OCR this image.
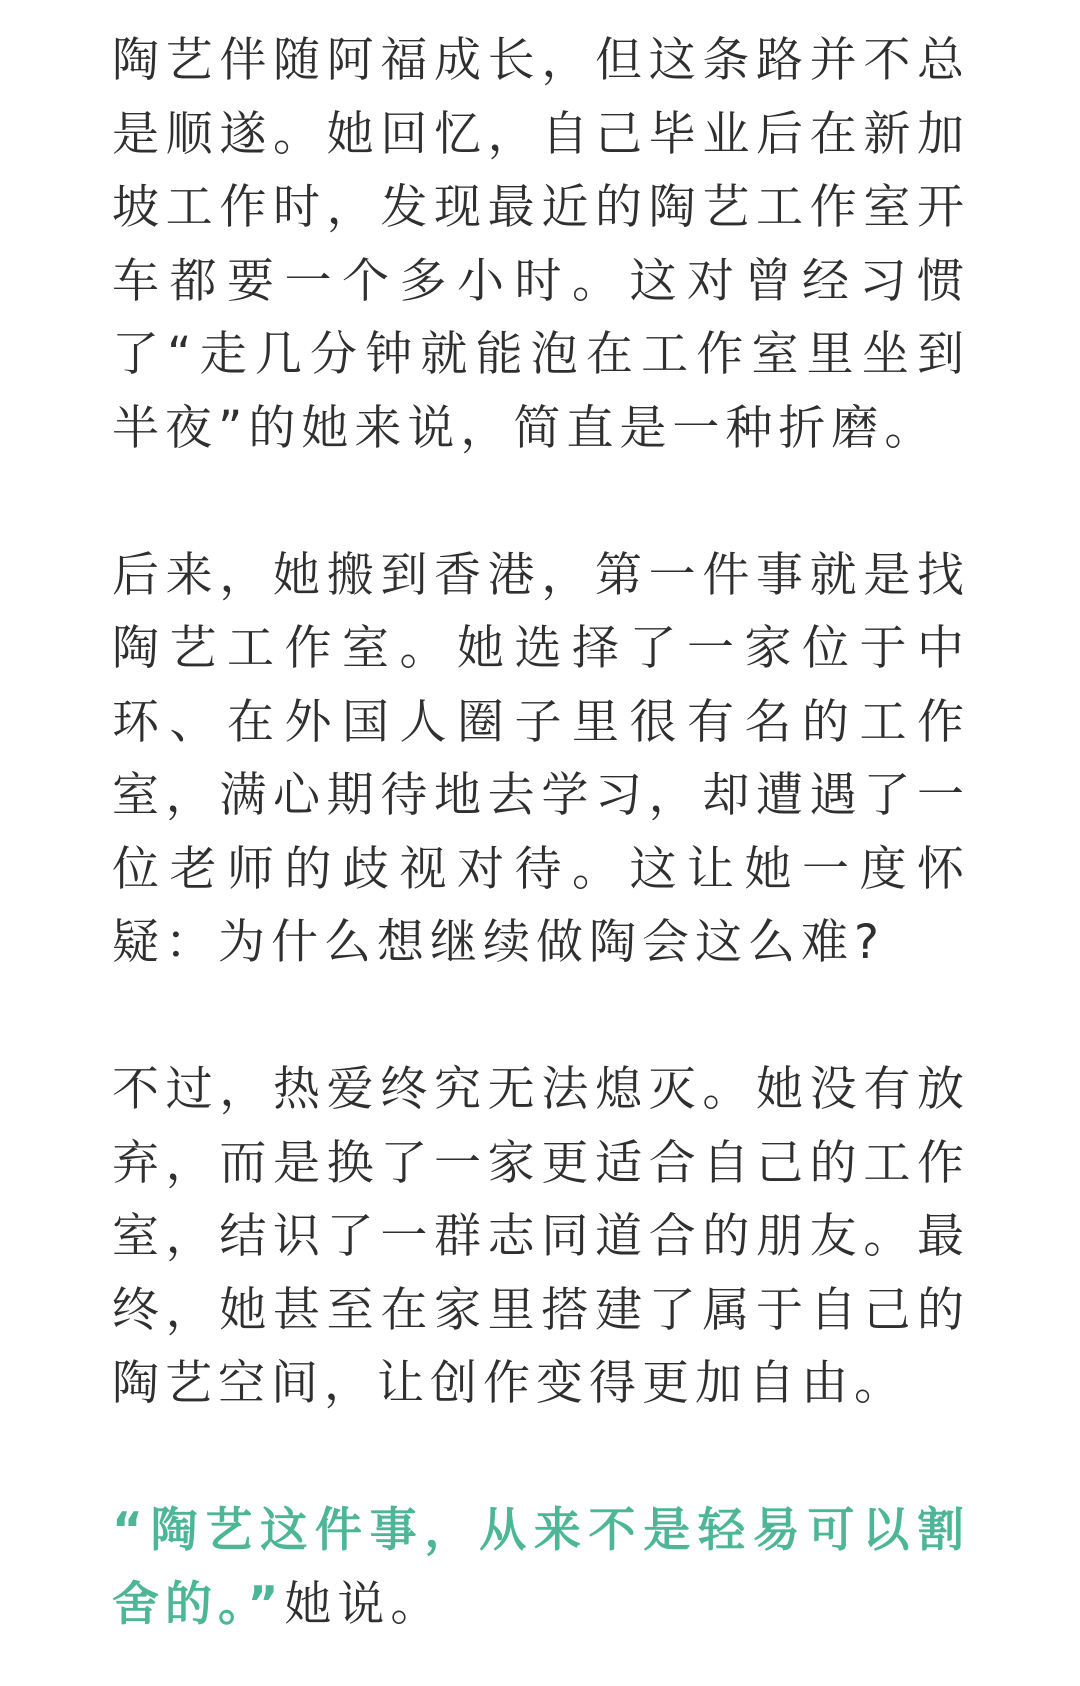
陶艺伴随阿福成长，但这条路并不总是顺遂。她回忆，自己毕业后在新加坡工作时，发现最近的陶艺工作室开车都要一个多小时。这对曾经习惯了“走几分钟就能泡在工作室里坐到半夜”的她来说，简直是一种折磨。

后来，她搬到香港，第一件事就是找陶艺工作室。她选择了一家位于中环、在外国人圈子里很有名的工作室，满心期待地去学习，却遭遇了一位老师的歧视对待。这让她一度怀疑：为什么想继续做陶会这么难?

不过，热爱终究无法熄灭。她没有放弃，而是换了一家更适合自己的工作室，结识了一群志同道合的朋友。最终，她甚至在家里搭建了属于自己的陶艺空间，让创作变得更加自由。

“陶艺这件事，从来不是轻易可以割舍的。”她说。
